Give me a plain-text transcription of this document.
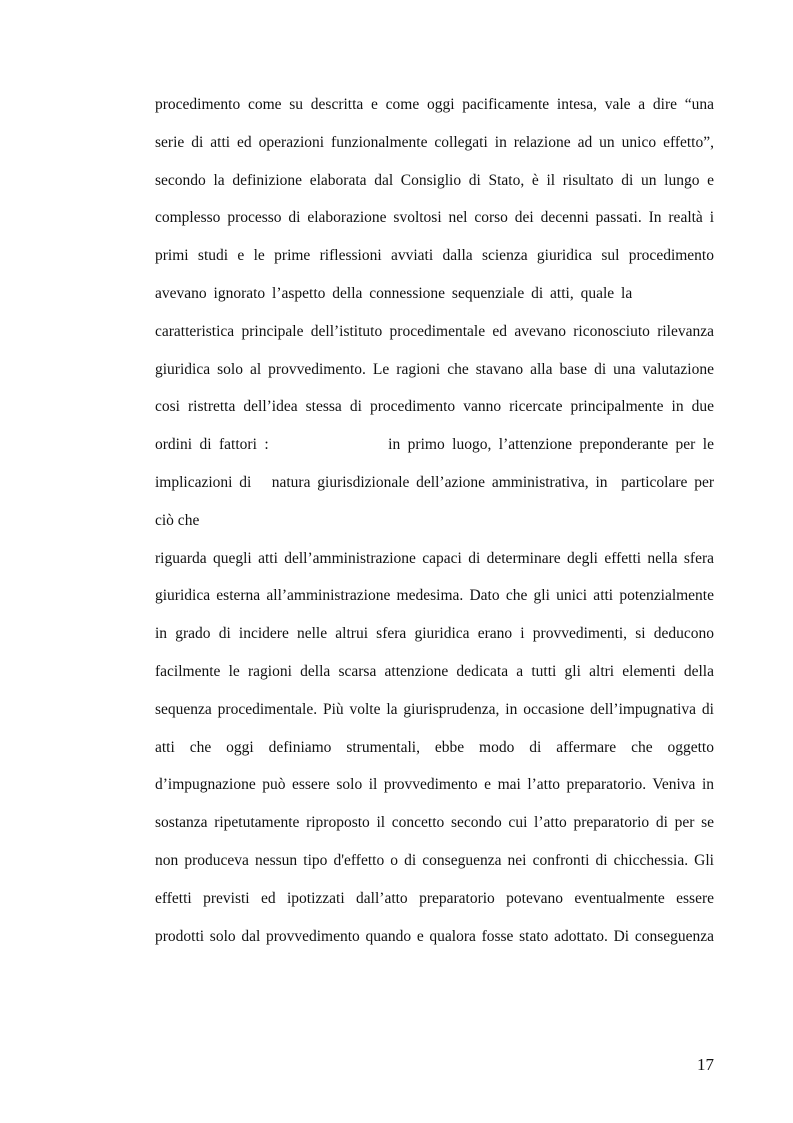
procedimento come su descritta e come oggi pacificamente intesa, vale a dire “una
serie di atti ed operazioni funzionalmente collegati in relazione ad un unico effetto”,
secondo la definizione elaborata dal Consiglio di Stato, è il risultato di un lungo e
complesso processo di elaborazione svoltosi nel corso dei decenni passati. In realtà i
primi studi e le prime riflessioni avviati dalla scienza giuridica sul procedimento
avevano ignorato l’aspetto della connessione sequenziale di atti, quale la
caratteristica principale dell’istituto procedimentale ed avevano riconosciuto rilevanza
giuridica solo al provvedimento. Le ragioni che stavano alla base di una valutazione
cosi ristretta dell’idea stessa di procedimento vanno ricercate principalmente in due
ordini di fattori :                in primo luogo, l’attenzione preponderante per le
implicazioni di   natura giurisdizionale dell’azione amministrativa, in  particolare per
ciò che
riguarda quegli atti dell’amministrazione capaci di determinare degli effetti nella sfera
giuridica esterna all’amministrazione medesima. Dato che gli unici atti potenzialmente
in grado di incidere nelle altrui sfera giuridica erano i provvedimenti, si deducono
facilmente le ragioni della scarsa attenzione dedicata a tutti gli altri elementi della
sequenza procedimentale. Più volte la giurisprudenza, in occasione dell’impugnativa di
atti che oggi definiamo strumentali, ebbe modo di affermare che oggetto
d’impugnazione può essere solo il provvedimento e mai l’atto preparatorio. Veniva in
sostanza ripetutamente riproposto il concetto secondo cui l’atto preparatorio di per se
non produceva nessun tipo d'effetto o di conseguenza nei confronti di chicchessia. Gli
effetti previsti ed ipotizzati dall’atto preparatorio potevano eventualmente essere
prodotti solo dal provvedimento quando e qualora fosse stato adottato. Di conseguenza
17
